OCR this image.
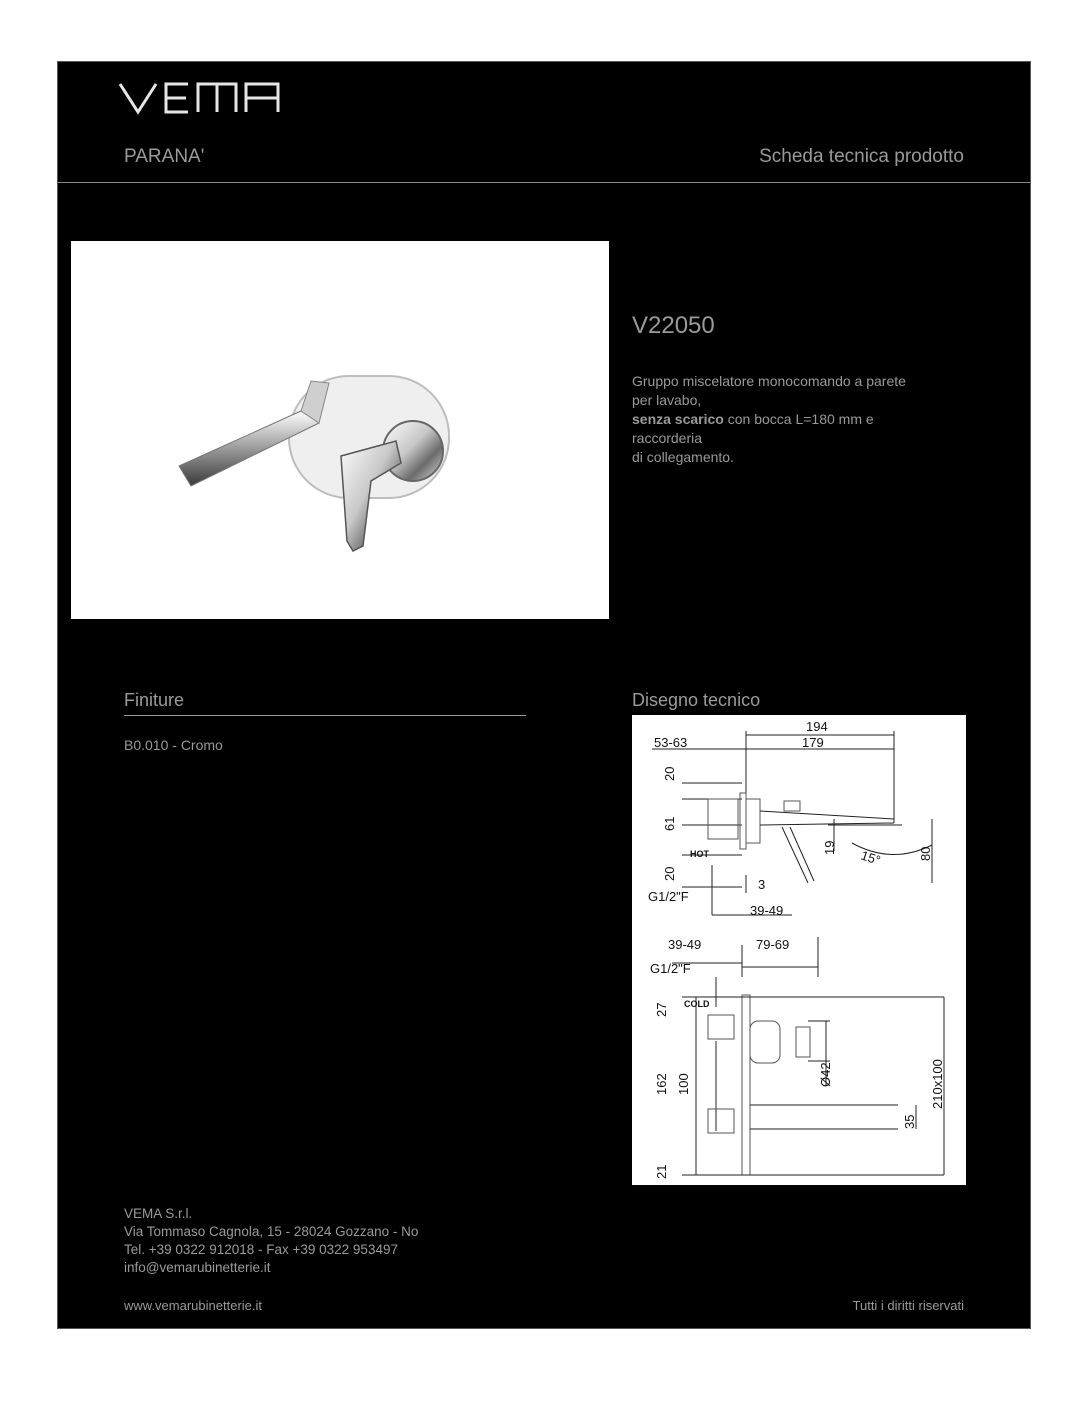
PARANA'	Scheda tecnica prodotto
V22050
Gruppo miscelatore monocomando a parete
per lavabo,
senza scarico con bocca L=180 mm e
raccorderia
di collegamento.
Finiture
B0.010 - Cromo
Disegno tecnico
194
179
53-63
20
61
20
HOT	19 15°	80
3
G1/2"F
39-49
39-49	79-69
G1/2"F
COLD
27
162 100
21
Ø42
35
210x100
VEMA S.r.l.
Via Tommaso Cagnola, 15 - 28024 Gozzano - No
Tel. +39 0322 912018 - Fax +39 0322 953497
info@vemarubinetterie.it
www.vemarubinetterie.it	Tutti i diritti riservati
